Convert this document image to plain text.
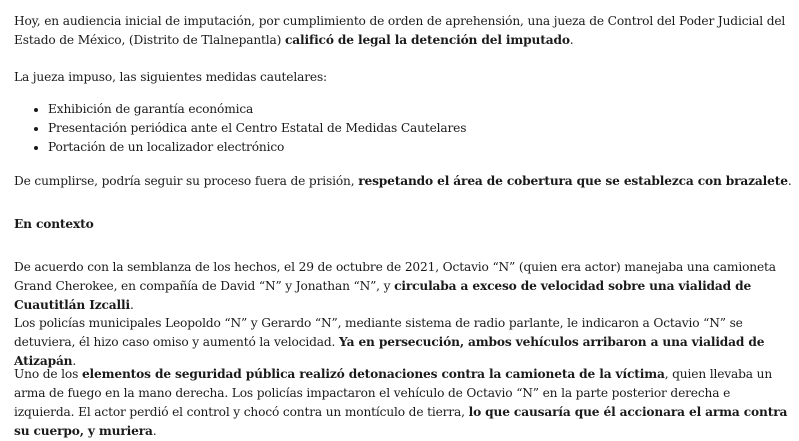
Hoy, en audiencia inicial de imputación, por cumplimiento de orden de aprehensión, una jueza de Control del Poder Judicial del Estado de México, (Distrito de Tlalnepantla) calificó de legal la detención del imputado.

La jueza impuso, las siguientes medidas cautelares:

• Exhibición de garantía económica
• Presentación periódica ante el Centro Estatal de Medidas Cautelares
• Portación de un localizador electrónico

De cumplirse, podría seguir su proceso fuera de prisión, respetando el área de cobertura que se establezca con brazalete.

En contexto

De acuerdo con la semblanza de los hechos, el 29 de octubre de 2021, Octavio “N” (quien era actor) manejaba una camioneta Grand Cherokee, en compañía de David “N” y Jonathan “N”, y circulaba a exceso de velocidad sobre una vialidad de Cuautitlán Izcalli.

Los policías municipales Leopoldo “N” y Gerardo “N”, mediante sistema de radio parlante, le indicaron a Octavio “N” se detuviera, él hizo caso omiso y aumentó la velocidad. Ya en persecución, ambos vehículos arribaron a una vialidad de Atizapán.

Uno de los elementos de seguridad pública realizó detonaciones contra la camioneta de la víctima, quien llevaba un arma de fuego en la mano derecha. Los policías impactaron el vehículo de Octavio “N” en la parte posterior derecha e izquierda. El actor perdió el control y chocó contra un montículo de tierra, lo que causaría que él accionara el arma contra su cuerpo, y muriera.
